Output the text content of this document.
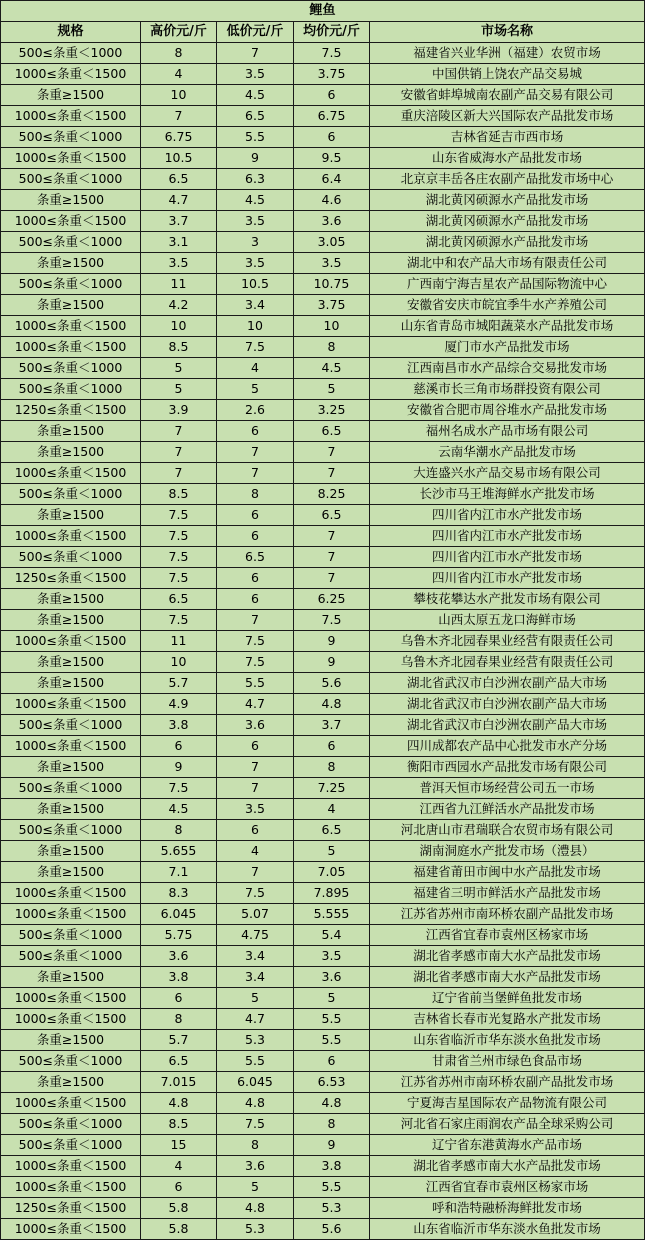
鲤鱼				
规格	高价元/斤	低价元/斤	均价元/斤	市场名称
500≤条重＜1000	8	7	7.5	福建省兴业华洲（福建）农贸市场
1000≤条重＜1500	4	3.5	3.75	中国供销上饶农产品交易城
条重≥1500	10	4.5	6	安徽省蚌埠城南农副产品交易有限公司
1000≤条重＜1500	7	6.5	6.75	重庆涪陵区新大兴国际农产品批发市场
500≤条重＜1000	6.75	5.5	6	吉林省延吉市西市场
1000≤条重＜1500	10.5	9	9.5	山东省威海水产品批发市场
500≤条重＜1000	6.5	6.3	6.4	北京京丰岳各庄农副产品批发市场中心
条重≥1500	4.7	4.5	4.6	湖北黄冈硕源水产品批发市场
1000≤条重＜1500	3.7	3.5	3.6	湖北黄冈硕源水产品批发市场
500≤条重＜1000	3.1	3	3.05	湖北黄冈硕源水产品批发市场
条重≥1500	3.5	3.5	3.5	湖北中和农产品大市场有限责任公司
500≤条重＜1000	11	10.5	10.75	广西南宁海吉星农产品国际物流中心
条重≥1500	4.2	3.4	3.75	安徽省安庆市皖宜季牛水产养殖公司
1000≤条重＜1500	10	10	10	山东省青岛市城阳蔬菜水产品批发市场
1000≤条重＜1500	8.5	7.5	8	厦门市水产品批发市场
500≤条重＜1000	5	4	4.5	江西南昌市水产品综合交易批发市场
500≤条重＜1000	5	5	5	慈溪市长三角市场群投资有限公司
1250≤条重＜1500	3.9	2.6	3.25	安徽省合肥市周谷堆水产品批发市场
条重≥1500	7	6	6.5	福州名成水产品市场有限公司
条重≥1500	7	7	7	云南华潮水产品批发市场
1000≤条重＜1500	7	7	7	大连盛兴水产品交易市场有限公司
500≤条重＜1000	8.5	8	8.25	长沙市马王堆海鲜水产批发市场
条重≥1500	7.5	6	6.5	四川省内江市水产批发市场
1000≤条重＜1500	7.5	6	7	四川省内江市水产批发市场
500≤条重＜1000	7.5	6.5	7	四川省内江市水产批发市场
1250≤条重＜1500	7.5	6	7	四川省内江市水产批发市场
条重≥1500	6.5	6	6.25	攀枝花攀达水产批发市场有限公司
条重≥1500	7.5	7	7.5	山西太原五龙口海鲜市场
1000≤条重＜1500	11	7.5	9	乌鲁木齐北园春果业经营有限责任公司
条重≥1500	10	7.5	9	乌鲁木齐北园春果业经营有限责任公司
条重≥1500	5.7	5.5	5.6	湖北省武汉市白沙洲农副产品大市场
1000≤条重＜1500	4.9	4.7	4.8	湖北省武汉市白沙洲农副产品大市场
500≤条重＜1000	3.8	3.6	3.7	湖北省武汉市白沙洲农副产品大市场
1000≤条重＜1500	6	6	6	四川成都农产品中心批发市水产分场
条重≥1500	9	7	8	衡阳市西园水产品批发市场有限公司
500≤条重＜1000	7.5	7	7.25	普洱天恒市场经营公司五一市场
条重≥1500	4.5	3.5	4	江西省九江鲜活水产品批发市场
500≤条重＜1000	8	6	6.5	河北唐山市君瑞联合农贸市场有限公司
条重≥1500	5.655	4	5	湖南洞庭水产批发市场（澧县）
条重≥1500	7.1	7	7.05	福建省莆田市闽中水产品批发市场
1000≤条重＜1500	8.3	7.5	7.895	福建省三明市鲜活水产品批发市场
1000≤条重＜1500	6.045	5.07	5.555	江苏省苏州市南环桥农副产品批发市场
500≤条重＜1000	5.75	4.75	5.4	江西省宜春市袁州区杨家市场
500≤条重＜1000	3.6	3.4	3.5	湖北省孝感市南大水产品批发市场
条重≥1500	3.8	3.4	3.6	湖北省孝感市南大水产品批发市场
1000≤条重＜1500	6	5	5	辽宁省前当堡鲜鱼批发市场
1000≤条重＜1500	8	4.7	5.5	吉林省长春市光复路水产批发市场
条重≥1500	5.7	5.3	5.5	山东省临沂市华东淡水鱼批发市场
500≤条重＜1000	6.5	5.5	6	甘肃省兰州市绿色食品市场
条重≥1500	7.015	6.045	6.53	江苏省苏州市南环桥农副产品批发市场
1000≤条重＜1500	4.8	4.8	4.8	宁夏海吉星国际农产品物流有限公司
500≤条重＜1000	8.5	7.5	8	河北省石家庄雨润农产品全球采购公司
500≤条重＜1000	15	8	9	辽宁省东港黄海水产品市场
1000≤条重＜1500	4	3.6	3.8	湖北省孝感市南大水产品批发市场
1000≤条重＜1500	6	5	5.5	江西省宜春市袁州区杨家市场
1250≤条重＜1500	5.8	4.8	5.3	呼和浩特融桥海鲜批发市场
1000≤条重＜1500	5.8	5.3	5.6	山东省临沂市华东淡水鱼批发市场
